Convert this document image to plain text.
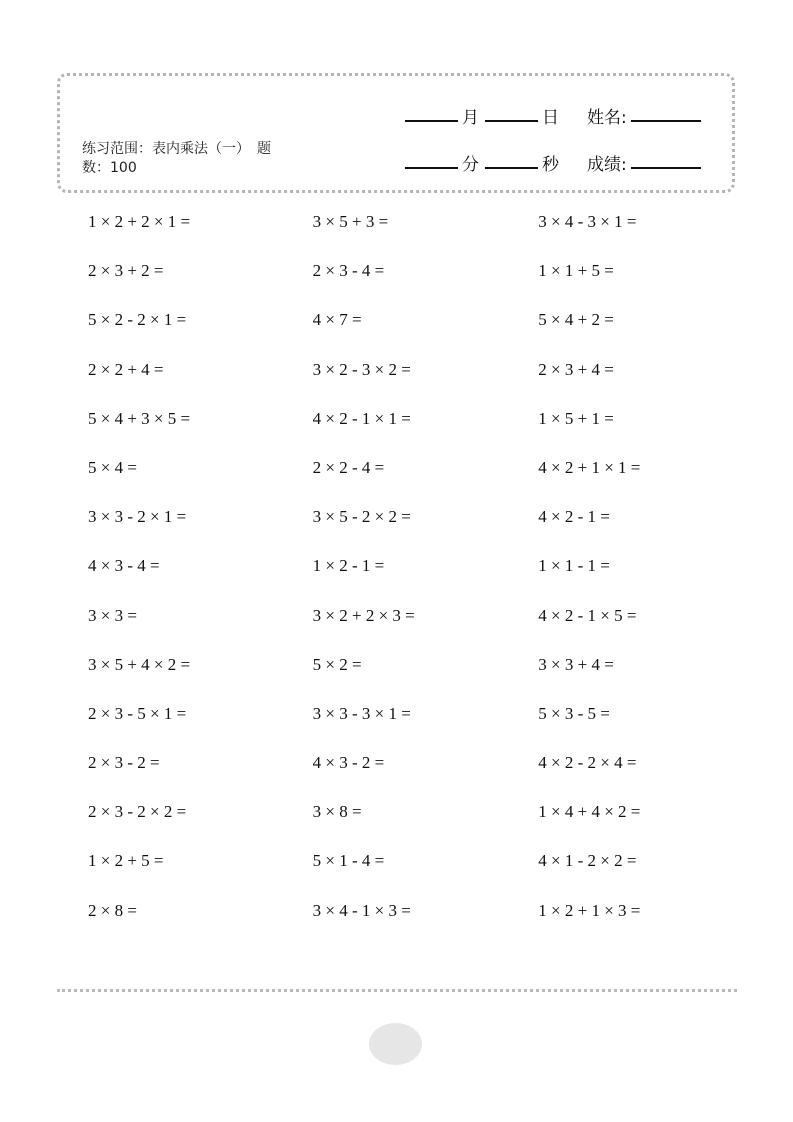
练习范围：表内乘法（一）　题
数：100
月	日 姓名:
分	秒 成绩:
1 × 2 + 2 × 1 =	3 × 5 + 3 =	3 × 4 - 3 × 1 =
2 × 3 + 2 =	2 × 3 - 4 =	1 × 1 + 5 =
5 × 2 - 2 × 1 =	4 × 7 =	5 × 4 + 2 =
2 × 2 + 4 =	3 × 2 - 3 × 2 =	2 × 3 + 4 =
5 × 4 + 3 × 5 =	4 × 2 - 1 × 1 =	1 × 5 + 1 =
5 × 4 =	2 × 2 - 4 =	4 × 2 + 1 × 1 =
3 × 3 - 2 × 1 =	3 × 5 - 2 × 2 =	4 × 2 - 1 =
4 × 3 - 4 =	1 × 2 - 1 =	1 × 1 - 1 =
3 × 3 =	3 × 2 + 2 × 3 =	4 × 2 - 1 × 5 =
3 × 5 + 4 × 2 =	5 × 2 =	3 × 3 + 4 =
2 × 3 - 5 × 1 =	3 × 3 - 3 × 1 =	5 × 3 - 5 =
2 × 3 - 2 =	4 × 3 - 2 =	4 × 2 - 2 × 4 =
2 × 3 - 2 × 2 =	3 × 8 =	1 × 4 + 4 × 2 =
1 × 2 + 5 =	5 × 1 - 4 =	4 × 1 - 2 × 2 =
2 × 8 =	3 × 4 - 1 × 3 =	1 × 2 + 1 × 3 =
